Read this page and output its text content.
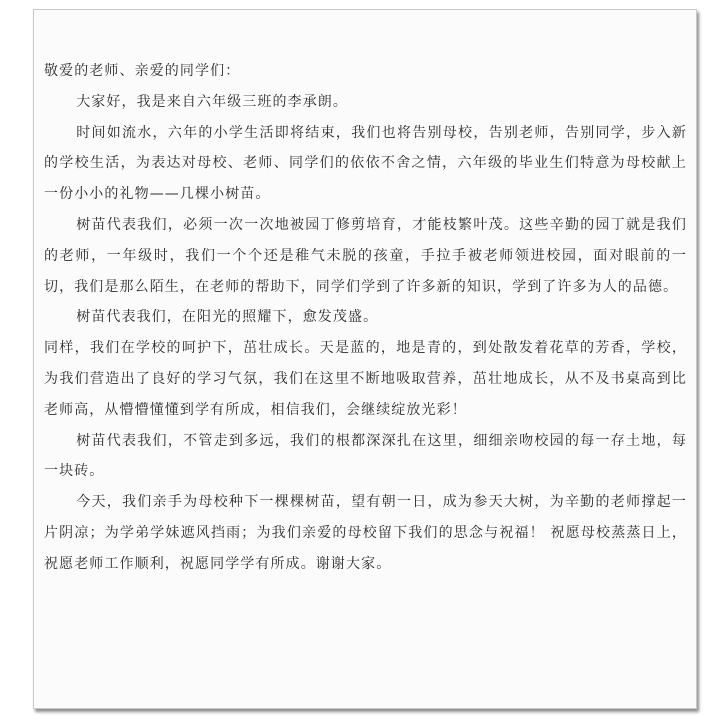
敬爱的老师、亲爱的同学们：

大家好，我是来自六年级三班的李承朗。

时间如流水，六年的小学生活即将结束，我们也将告别母校，告别老师，告别同学，步入新的学校生活，为表达对母校、老师、同学们的依依不舍之情，六年级的毕业生们特意为母校献上一份小小的礼物——几棵小树苗。

树苗代表我们，必须一次一次地被园丁修剪培育，才能枝繁叶茂。这些辛勤的园丁就是我们的老师，一年级时，我们一个个还是稚气未脱的孩童，手拉手被老师领进校园，面对眼前的一切，我们是那么陌生，在老师的帮助下，同学们学到了许多新的知识，学到了许多为人的品德。

树苗代表我们，在阳光的照耀下，愈发茂盛。

同样，我们在学校的呵护下，茁壮成长。天是蓝的，地是青的，到处散发着花草的芳香，学校，为我们营造出了良好的学习气氛，我们在这里不断地吸取营养，茁壮地成长，从不及书桌高到比老师高，从懵懵懂懂到学有所成，相信我们，会继续绽放光彩！

树苗代表我们，不管走到多远，我们的根都深深扎在这里，细细亲吻校园的每一存土地，每一块砖。

今天，我们亲手为母校种下一棵棵树苗，望有朝一日，成为参天大树，为辛勤的老师撑起一片阴凉；为学弟学妹遮风挡雨；为我们亲爱的母校留下我们的思念与祝福！ 祝愿母校蒸蒸日上，祝愿老师工作顺利，祝愿同学学有所成。谢谢大家。
